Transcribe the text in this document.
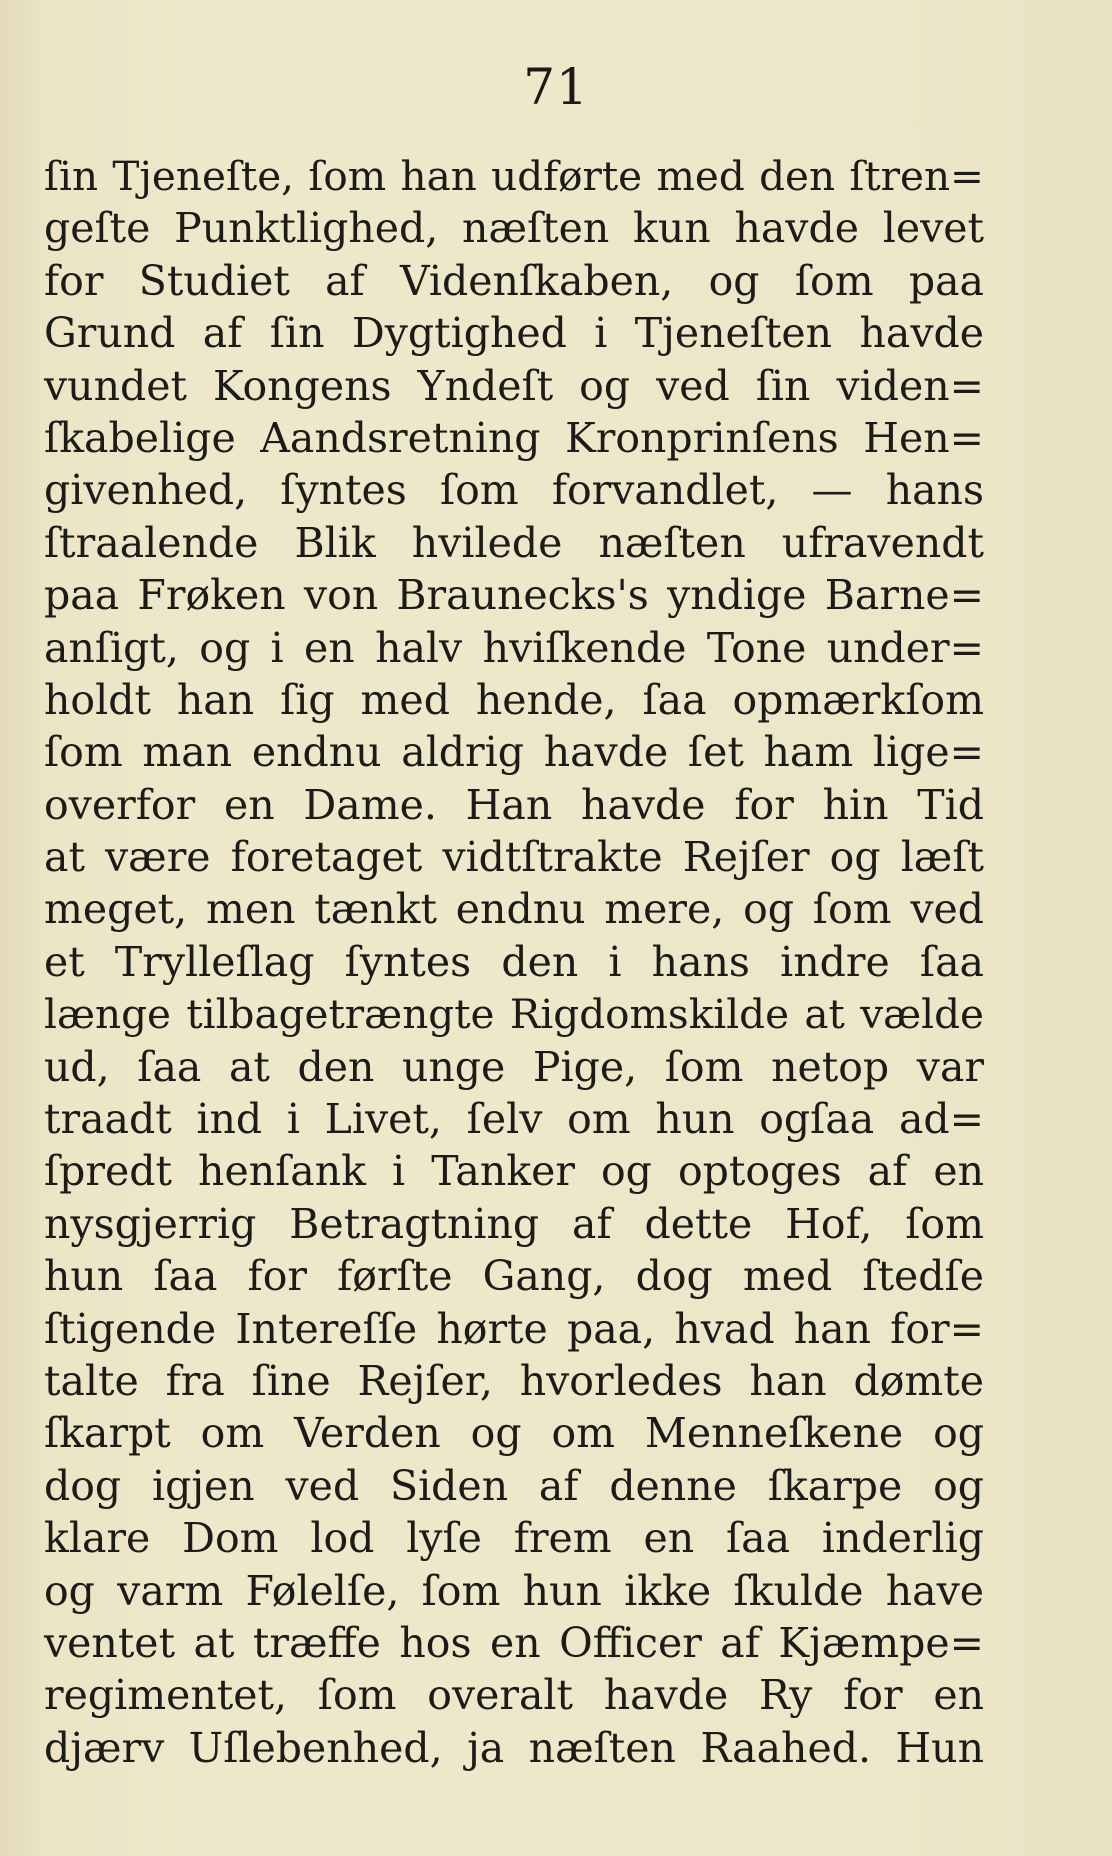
71
ſin Tjeneſte, ſom han udførte med den ſtren=
geſte Punktlighed, næſten kun havde levet
for Studiet af Videnſkaben, og ſom paa
Grund af ſin Dygtighed i Tjeneſten havde
vundet Kongens Yndeſt og ved ſin viden=
ſkabelige Aandsretning Kronprinſens Hen=
givenhed, ſyntes ſom forvandlet, — hans
ſtraalende Blik hvilede næſten ufravendt
paa Frøken von Braunecks's yndige Barne=
anſigt, og i en halv hviſkende Tone under=
holdt han ſig med hende, ſaa opmærkſom
ſom man endnu aldrig havde ſet ham lige=
overfor en Dame. Han havde for hin Tid
at være foretaget vidtſtrakte Rejſer og læſt
meget, men tænkt endnu mere, og ſom ved
et Trylleſlag ſyntes den i hans indre ſaa
længe tilbagetrængte Rigdomskilde at vælde
ud, ſaa at den unge Pige, ſom netop var
traadt ind i Livet, ſelv om hun ogſaa ad=
ſpredt henſank i Tanker og optoges af en
nysgjerrig Betragtning af dette Hof, ſom
hun ſaa for førſte Gang, dog med ſtedſe
ſtigende Intereſſe hørte paa, hvad han for=
talte fra ſine Rejſer, hvorledes han dømte
ſkarpt om Verden og om Menneſkene og
dog igjen ved Siden af denne ſkarpe og
klare Dom lod lyſe frem en ſaa inderlig
og varm Følelſe, ſom hun ikke ſkulde have
ventet at træffe hos en Officer af Kjæmpe=
regimentet, ſom overalt havde Ry for en
djærv Uſlebenhed, ja næſten Raahed. Hun
